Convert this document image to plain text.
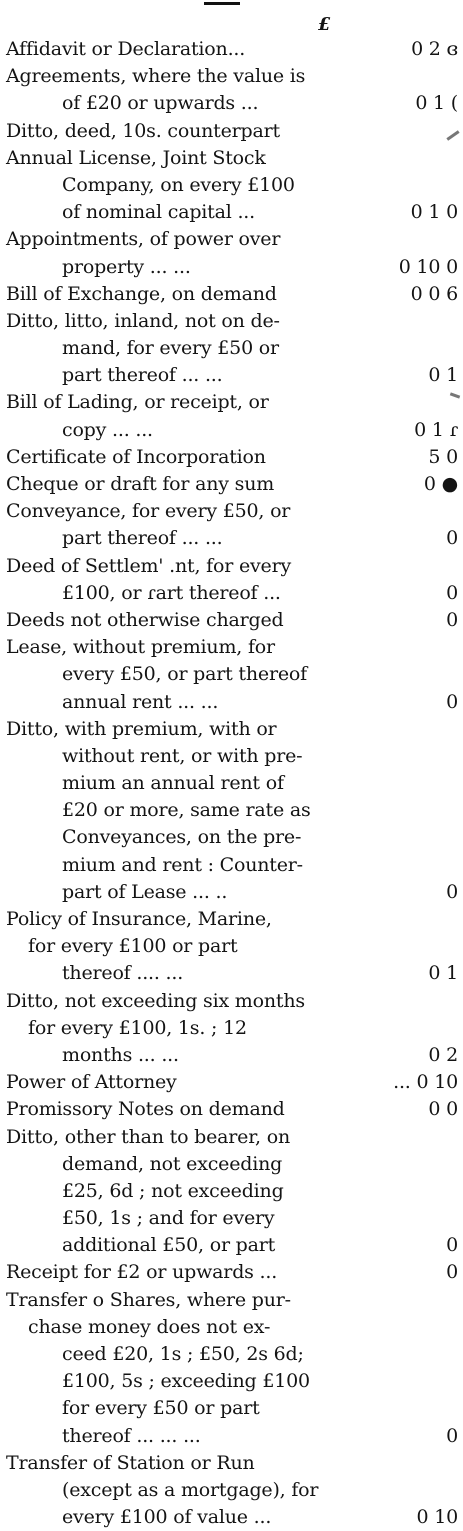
£
Affidavit or Declaration...	0 2 ɞ
Agreements, where the value is
of £20 or upwards ...	0 1 (
Ditto, deed, 10s. counterpart
Annual License, Joint Stock
Company, on every £100
of nominal capital ...	0 1 0
Appointments, of power over
property ... ...	0 10 0
Bill of Exchange, on demand	0 0 6
Ditto, litto, inland, not on de-
mand, for every £50 or
part thereof ... ...	0 1
Bill of Lading, or receipt, or
copy ... ...	0 1 ɾ
Certificate of Incorporation	5 0
Cheque or draft for any sum	0 ●
Conveyance, for every £50, or
part thereof ... ...	0
Deed of Settlem' .nt, for every
£100, or ɾart thereof ...	0
Deeds not otherwise charged	0
Lease, without premium, for
every £50, or part thereof
annual rent ... ...	0
Ditto, with premium, with or
without rent, or with pre-
mium an annual rent of
£20 or more, same rate as
Conveyances, on the pre-
mium and rent : Counter-
part of Lease ... ..	0
Policy of Insurance, Marine,
for every £100 or part
thereof .... ...	0 1
Ditto, not exceeding six months
for every £100, 1s. ; 12
months ... ...	0 2
Power of Attorney	... 0 10
Promissory Notes on demand	0 0
Ditto, other than to bearer, on
demand, not exceeding
£25, 6d ; not exceeding
£50, 1s ; and for every
additional £50, or part	0
Receipt for £2 or upwards ...	0
Transfer o Shares, where pur-
chase money does not ex-
ceed £20, 1s ; £50, 2s 6d;
£100, 5s ; exceeding £100
for every £50 or part
thereof ... ... ...	0
Transfer of Station or Run
(except as a mortgage), for
every £100 of value ...	0 10
